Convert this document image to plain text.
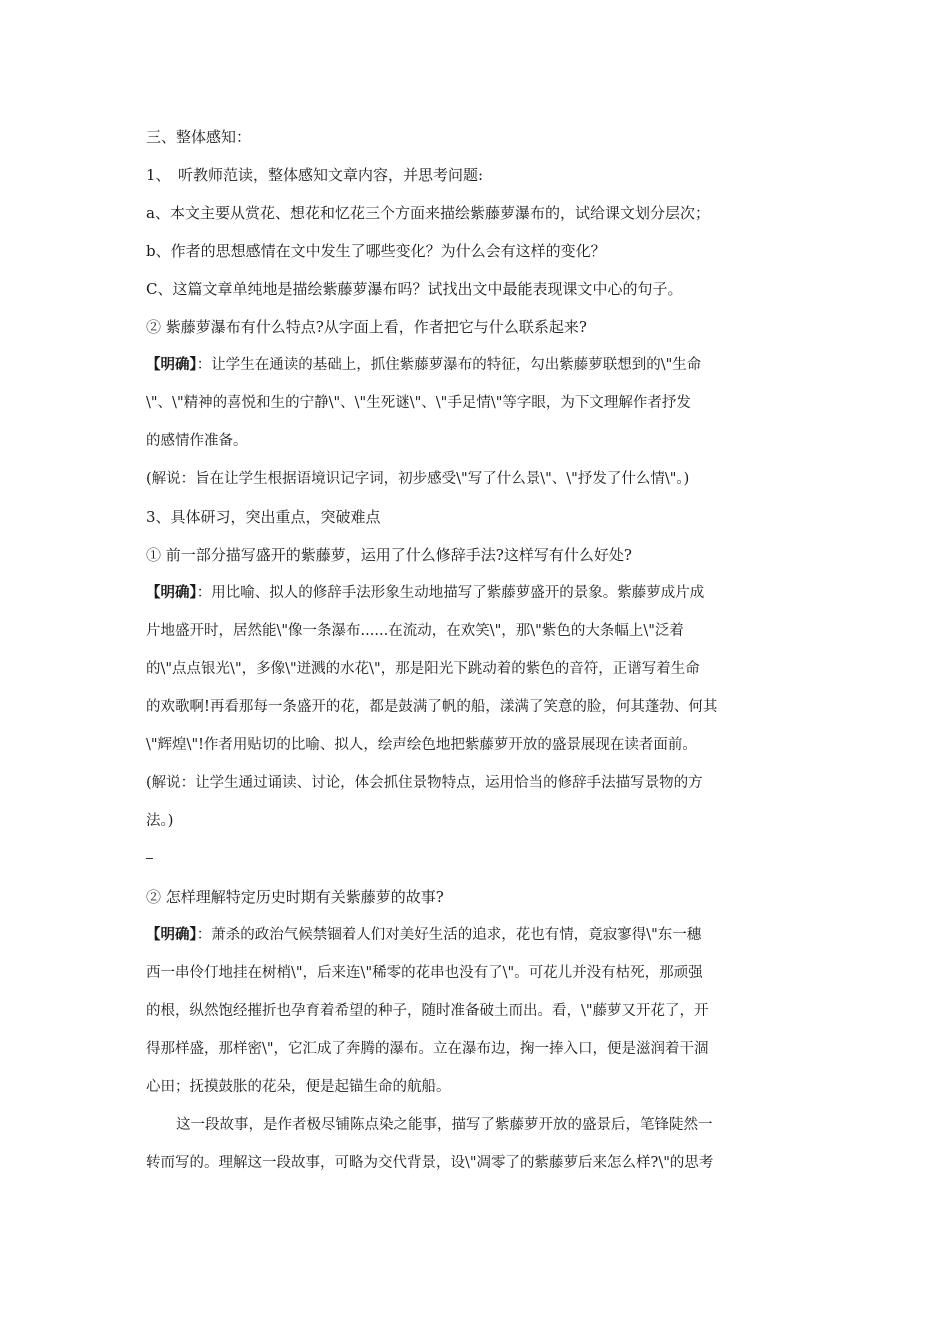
三、整体感知：
1、　听教师范读，整体感知文章内容，并思考问题:
a、本文主要从赏花、想花和忆花三个方面来描绘紫藤萝瀑布的，试给课文划分层次；
b、作者的思想感情在文中发生了哪些变化？为什么会有这样的变化？
C、这篇文章单纯地是描绘紫藤萝瀑布吗？试找出文中最能表现课文中心的句子。
② 紫藤萝瀑布有什么特点?从字面上看，作者把它与什么联系起来?
【明确】：让学生在通读的基础上，抓住紫藤萝瀑布的特征，勾出紫藤萝联想到的\"生命
\"、\"精神的喜悦和生的宁静\"、\"生死谜\"、\"手足情\"等字眼，为下文理解作者抒发
的感情作准备。
(解说：旨在让学生根据语境识记字词，初步感受\"写了什么景\"、\"抒发了什么情\"。)
3、具体研习，突出重点，突破难点
① 前一部分描写盛开的紫藤萝，运用了什么修辞手法?这样写有什么好处?
【明确】：用比喻、拟人的修辞手法形象生动地描写了紫藤萝盛开的景象。紫藤萝成片成
片地盛开时，居然能\"像一条瀑布......在流动，在欢笑\"，那\"紫色的大条幅上\"泛着
的\"点点银光\"，多像\"迸溅的水花\"，那是阳光下跳动着的紫色的音符，正谱写着生命
的欢歌啊!再看那每一条盛开的花，都是鼓满了帆的船，漾满了笑意的脸，何其蓬勃、何其
\"辉煌\"!作者用贴切的比喻、拟人，绘声绘色地把紫藤萝开放的盛景展现在读者面前。
(解说：让学生通过诵读、讨论，体会抓住景物特点，运用恰当的修辞手法描写景物的方
法。)
② 怎样理解特定历史时期有关紫藤萝的故事?
【明确】：萧杀的政治气候禁锢着人们对美好生活的追求，花也有情，竟寂寥得\"东一穗
西一串伶仃地挂在树梢\"，后来连\"稀零的花串也没有了\"。可花儿并没有枯死，那顽强
的根，纵然饱经摧折也孕育着希望的种子，随时准备破土而出。看，\"藤萝又开花了，开
得那样盛，那样密\"，它汇成了奔腾的瀑布。立在瀑布边，掬一捧入口，便是滋润着干涸
心田；抚摸鼓胀的花朵，便是起锚生命的航船。
这一段故事，是作者极尽铺陈点染之能事，描写了紫藤萝开放的盛景后，笔锋陡然一
转而写的。理解这一段故事，可略为交代背景，设\"凋零了的紫藤萝后来怎么样?\"的思考
